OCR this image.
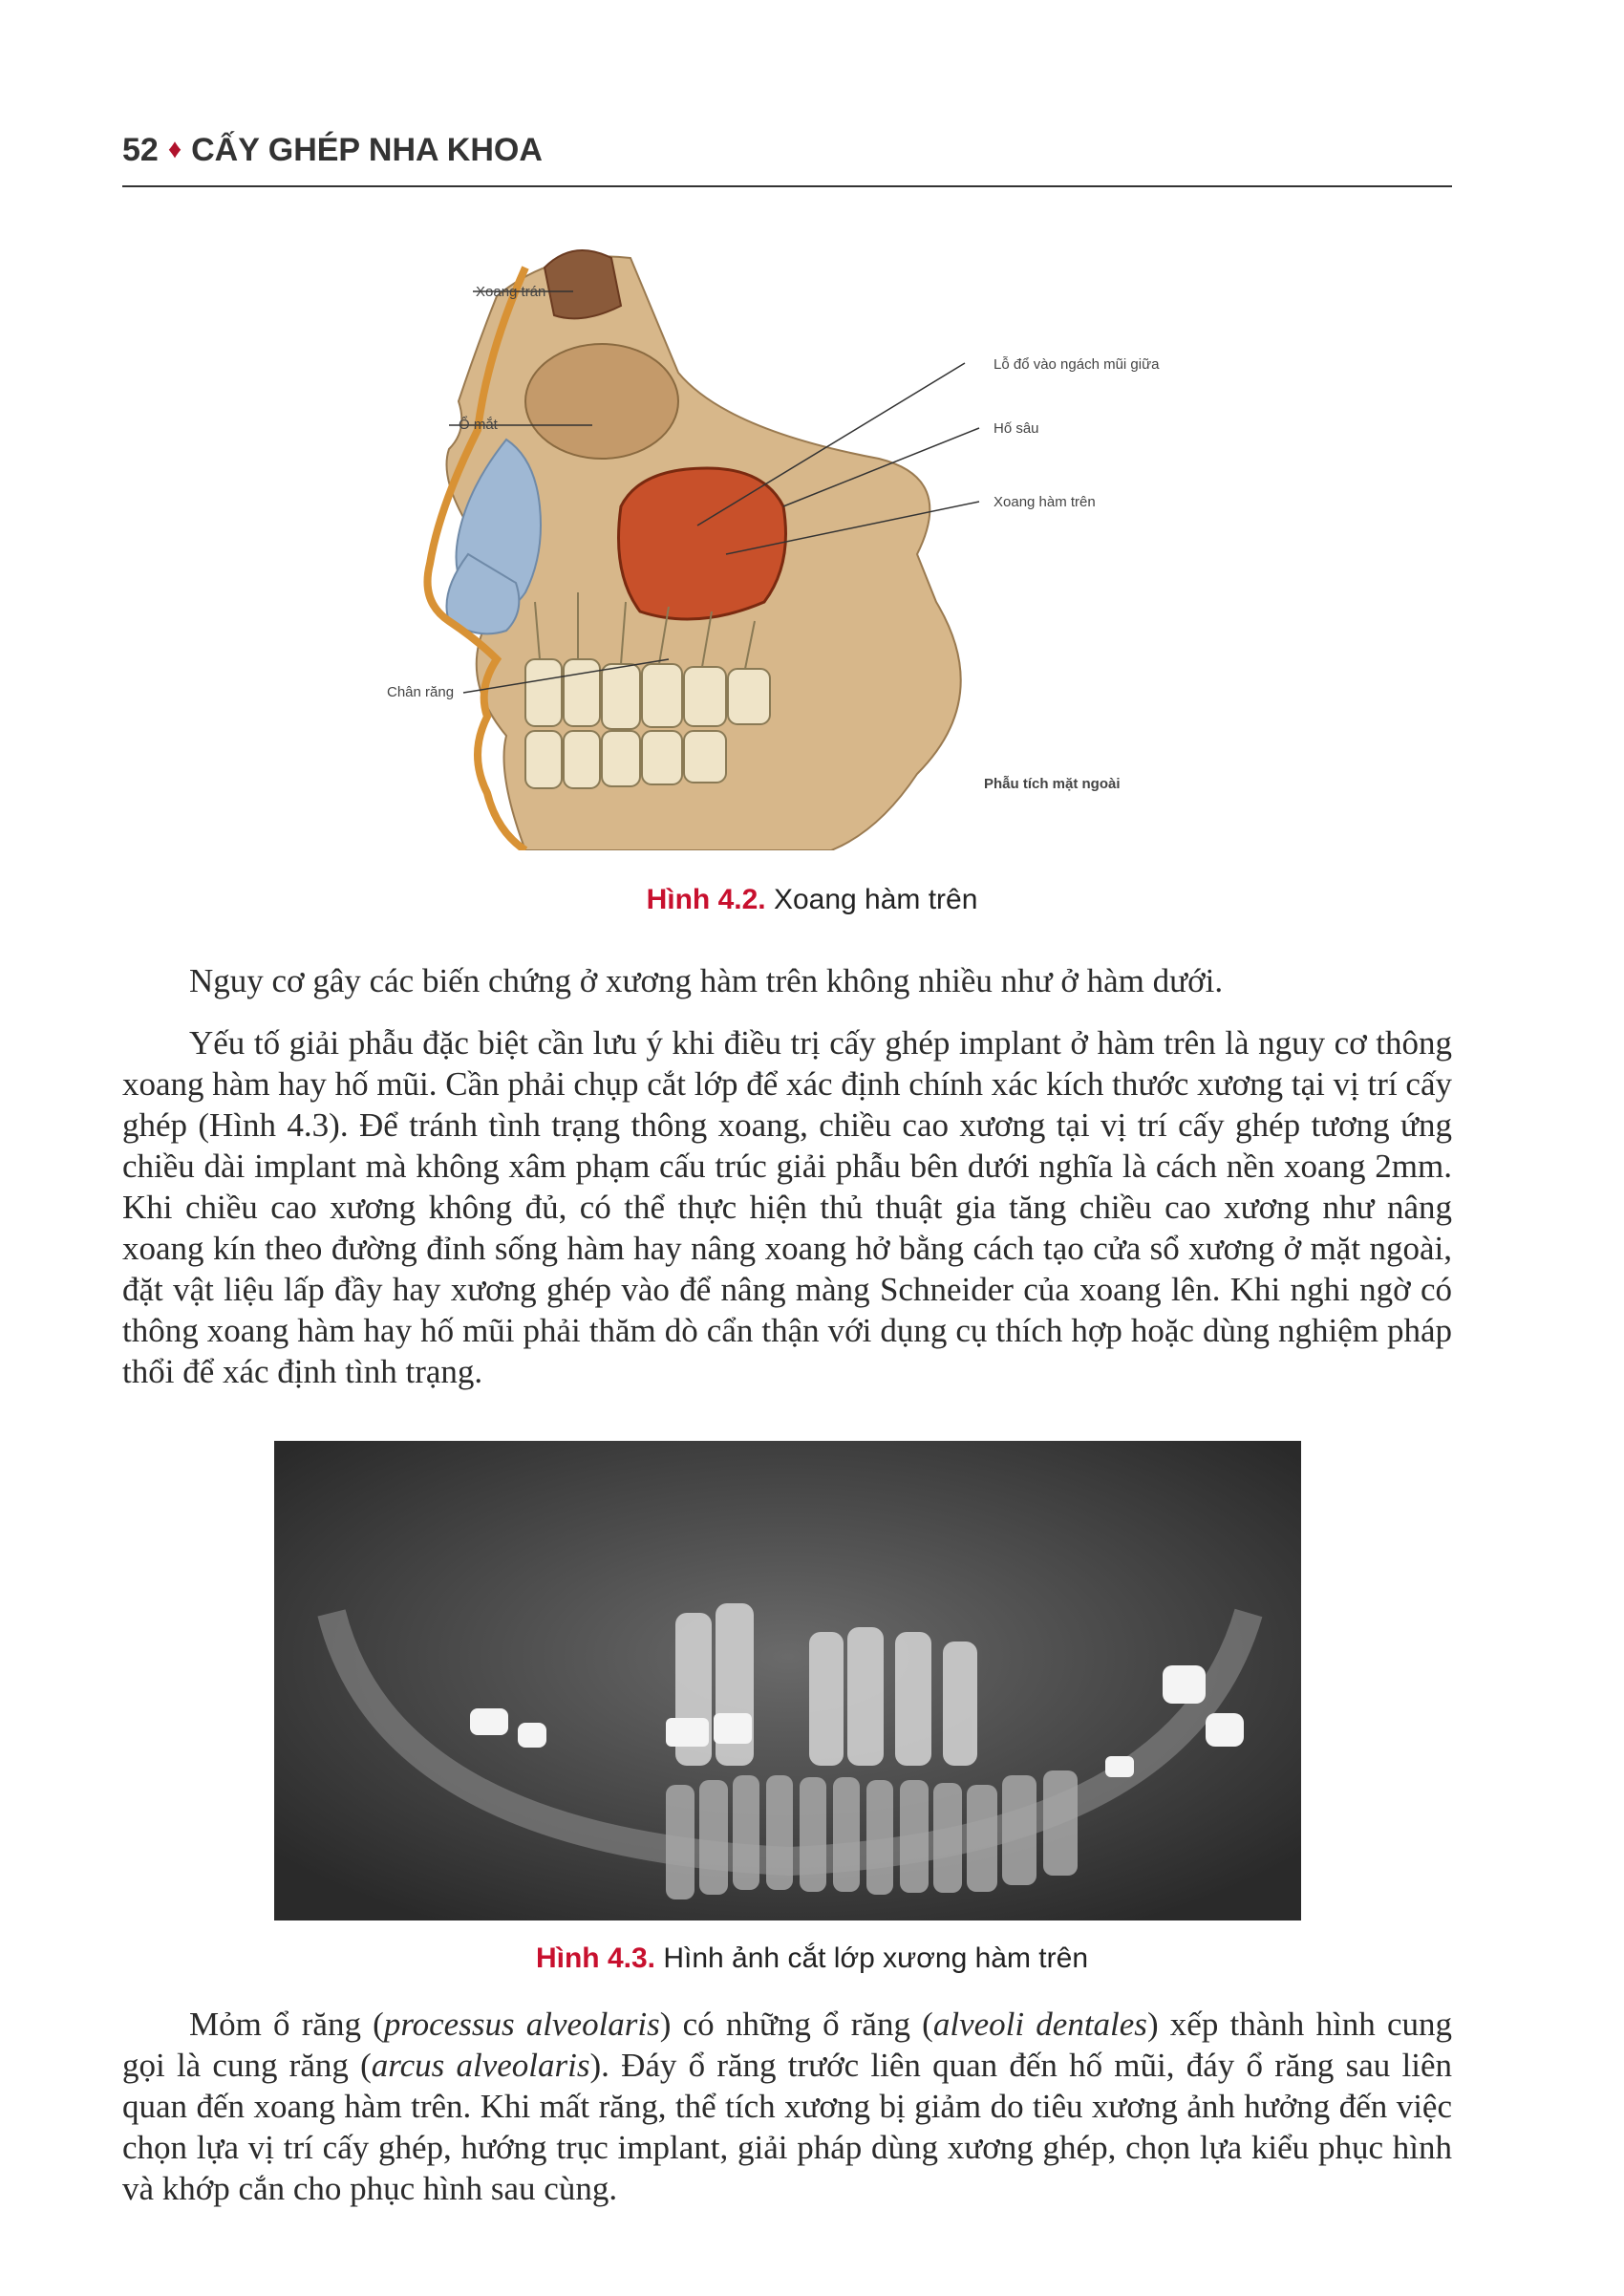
52 ♦ CẤY GHÉP NHA KHOA
Xoang trán
Lỗ đổ vào ngách mũi giữa
Ổ mắt	Hố sâu
Xoang hàm trên
Chân răng
Phẫu tích mặt ngoài
Hình 4.2. Xoang hàm trên

Nguy cơ gây các biến chứng ở xương hàm trên không nhiều như ở hàm dưới.

Yếu tố giải phẫu đặc biệt cần lưu ý khi điều trị cấy ghép implant ở hàm trên là nguy cơ thông xoang hàm hay hố mũi. Cần phải chụp cắt lớp để xác định chính xác kích thước xương tại vị trí cấy ghép (Hình 4.3). Để tránh tình trạng thông xoang, chiều cao xương tại vị trí cấy ghép tương ứng chiều dài implant mà không xâm phạm cấu trúc giải phẫu bên dưới nghĩa là cách nền xoang 2mm. Khi chiều cao xương không đủ, có thể thực hiện thủ thuật gia tăng chiều cao xương như nâng xoang kín theo đường đỉnh sống hàm hay nâng xoang hở bằng cách tạo cửa sổ xương ở mặt ngoài, đặt vật liệu lấp đầy hay xương ghép vào để nâng màng Schneider của xoang lên. Khi nghi ngờ có thông xoang hàm hay hố mũi phải thăm dò cẩn thận với dụng cụ thích hợp hoặc dùng nghiệm pháp thổi để xác định tình trạng.

Hình 4.3. Hình ảnh cắt lớp xương hàm trên

Mỏm ổ răng (processus alveolaris) có những ổ răng (alveoli dentales) xếp thành hình cung gọi là cung răng (arcus alveolaris). Đáy ổ răng trước liên quan đến hố mũi, đáy ổ răng sau liên quan đến xoang hàm trên. Khi mất răng, thể tích xương bị giảm do tiêu xương ảnh hưởng đến việc chọn lựa vị trí cấy ghép, hướng trục implant, giải pháp dùng xương ghép, chọn lựa kiểu phục hình và khớp cắn cho phục hình sau cùng.
